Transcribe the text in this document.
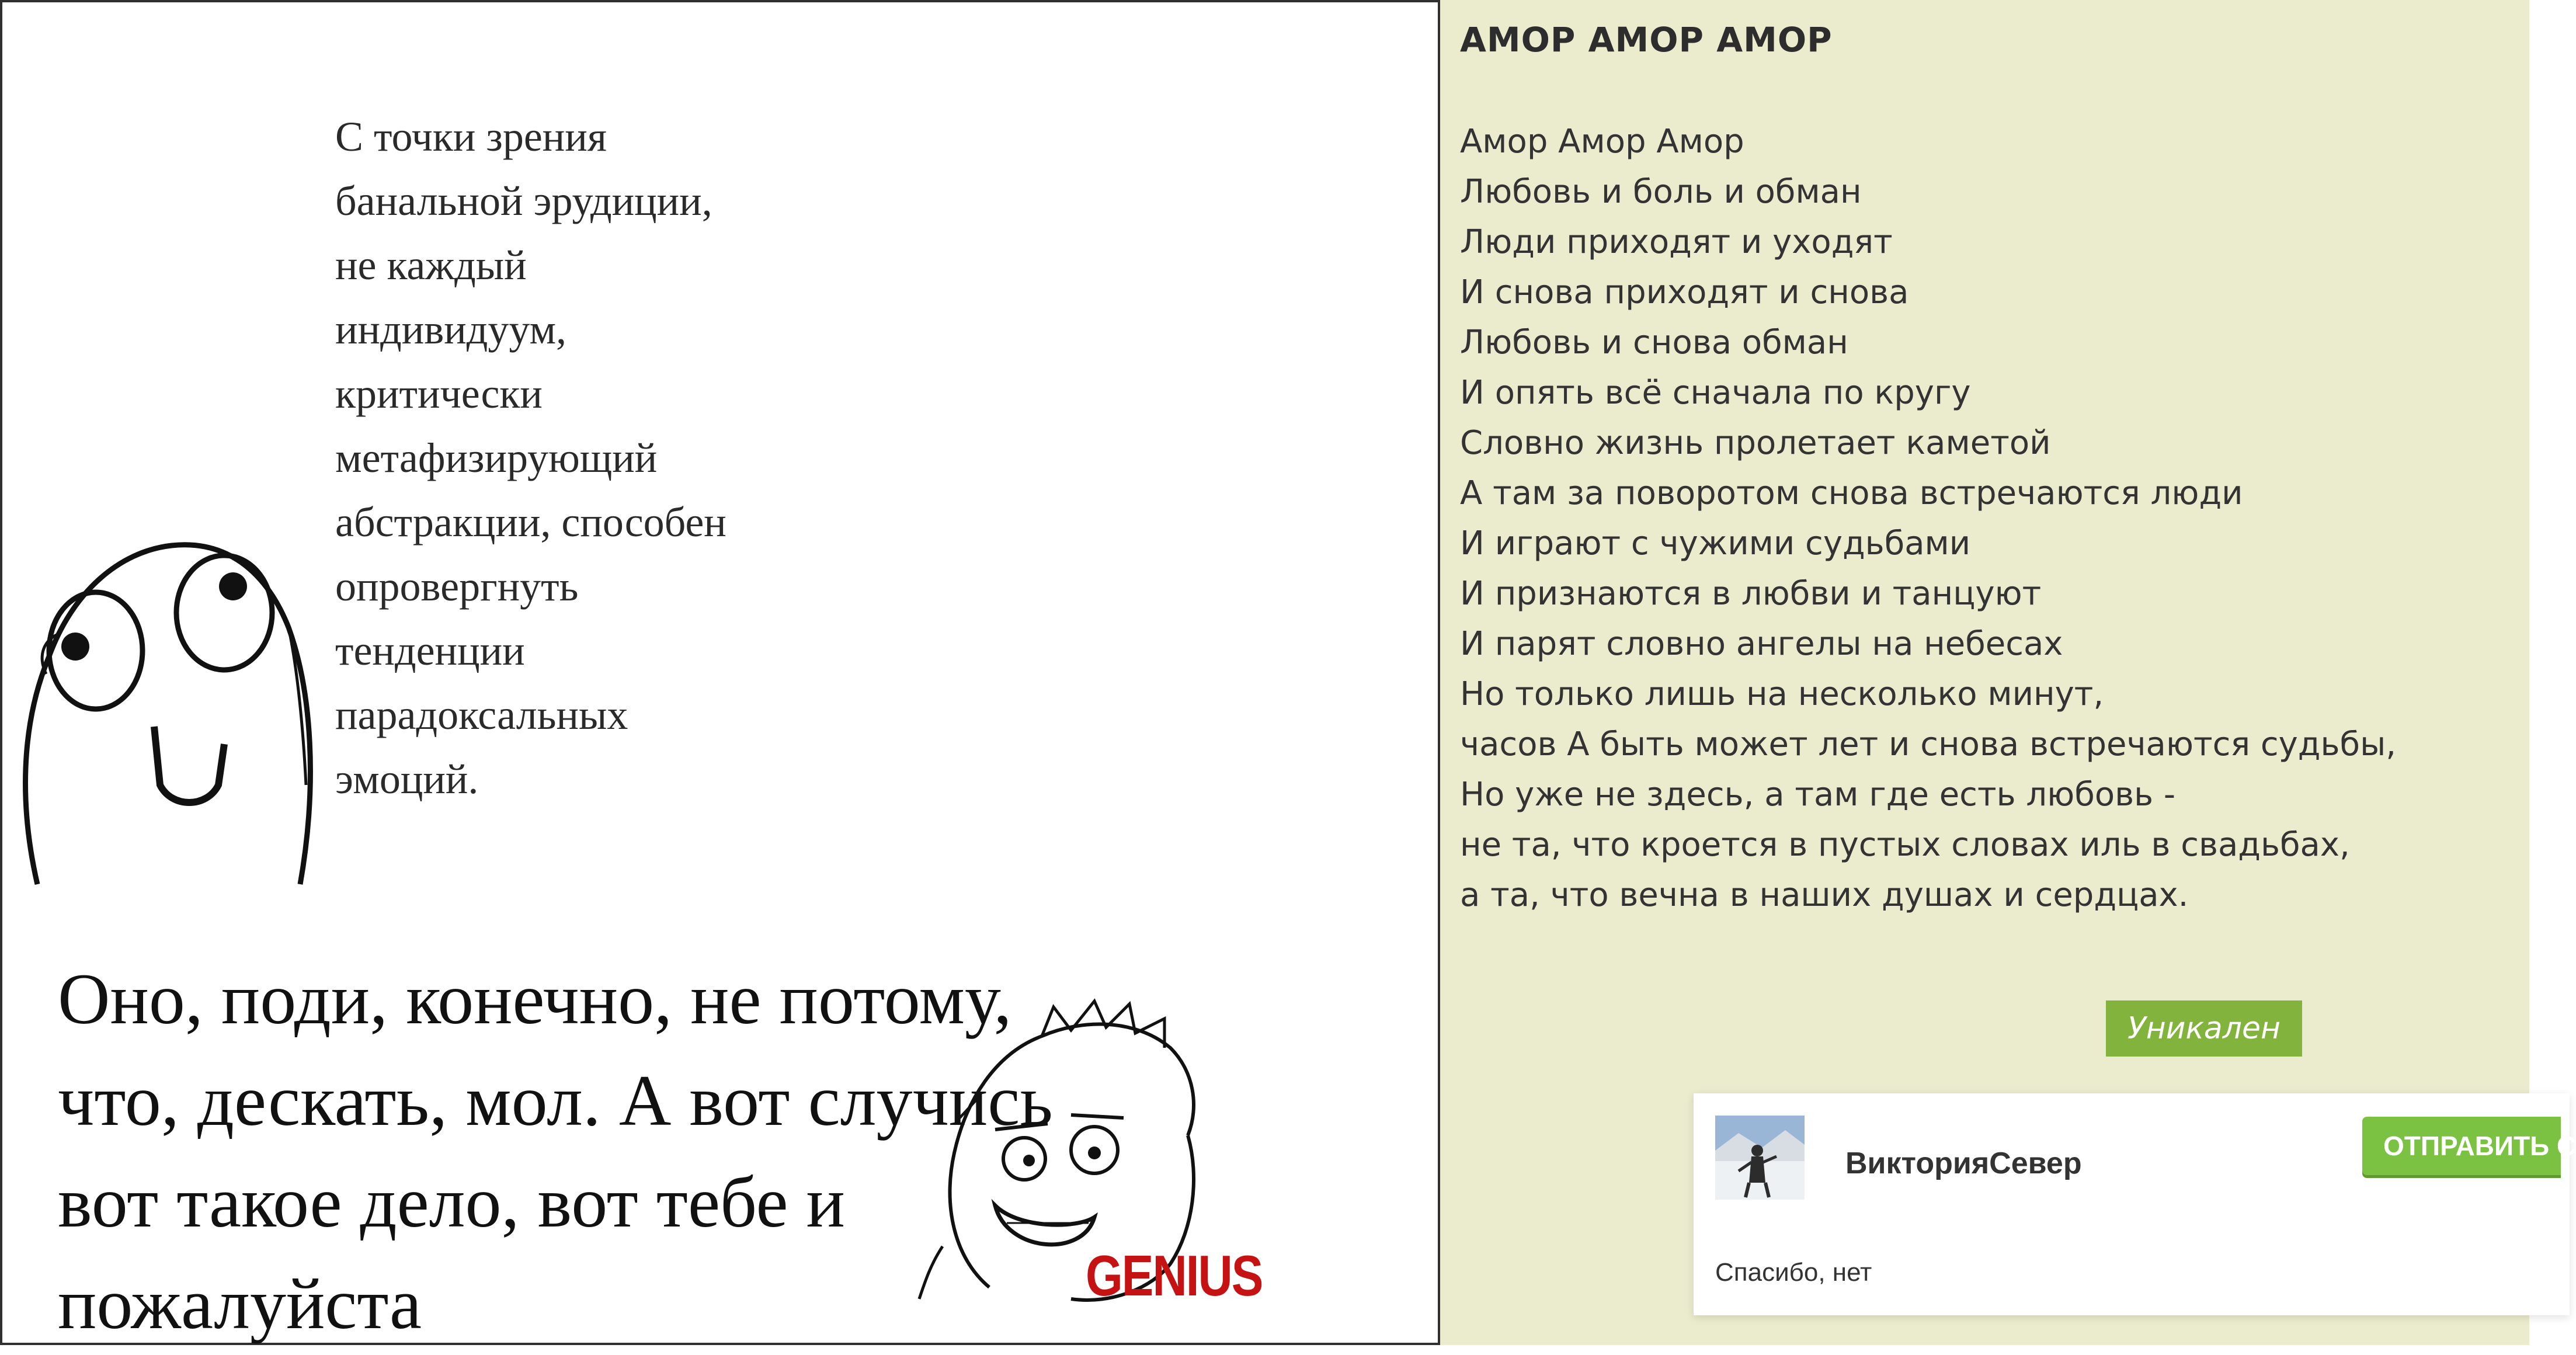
С точки зрения
банальной эрудиции,
не каждый
индивидуум,
критически
метафизирующий
абстракции, способен
опровергнуть
тенденции
парадоксальных
эмоций.
Оно, поди, конечно, не потому,
что, дескать, мол. А вот случись
вот такое дело, вот тебе и
пожалуйста	GENIUS
АМОР АМОР АМОР
Амор Амор Амор
Любовь и боль и обман
Люди приходят и уходят
И снова приходят и снова
Любовь и снова обман
И опять всё сначала по кругу
Словно жизнь пролетает каметой
А там за поворотом снова встречаются люди
И играют с чужими судьбами
И признаются в любви и танцуют
И парят словно ангелы на небесах
Но только лишь на несколько минут,
часов А быть может лет и снова встречаются судьбы,
Но уже не здесь, а там где есть любовь -
не та, что кроется в пустых словах иль в свадьбах,
а та, что вечна в наших душах и сердцах.
Уникален
ВикторияСевер
ОТПРАВИТЬ С
Спасибо, нет
